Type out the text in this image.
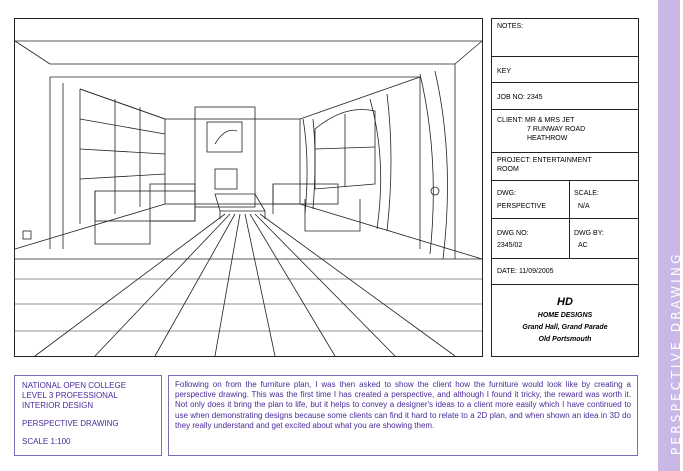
NOTES:
KEY
JOB NO: 2345
CLIENT: MR & MRS JET
7 RUNWAY ROAD
HEATHROW
PROJECT: ENTERTAINMENT
ROOM
DWG:
PERSPECTIVE
SCALE:
N/A
DWG NO:
2345/02
DWG BY:
AC
DATE: 11/09/2005
HD
HOME DESIGNS
Grand Hall, Grand Parade
Old Portsmouth
NATIONAL OPEN COLLEGE
LEVEL 3 PROFESSIONAL
INTERIOR DESIGN
PERSPECTIVE DRAWING
SCALE 1:100
Following on from the furniture plan, I was then asked to show the client how the furniture would look like by creating a perspective drawing. This was the first time I has created a perspective, and although I found it tricky, the reward was worth it. Not only does it bring the plan to life, but it helps to convey a designer's ideas to a client more easily which I have continued to use when demonstrating designs because some clients can find it hard to relate to a 2D plan, and when shown an idea in 3D do they really understand and get excited about what you are showing them.	PERSPECTIVE DRAWING
